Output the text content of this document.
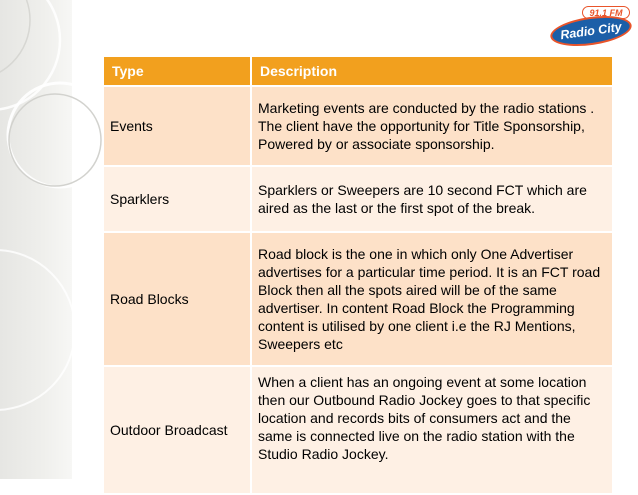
91.1 FM
Radio City
Type	Description
Events	Marketing events are conducted by the radio stations . The client have the opportunity for Title Sponsorship, Powered by or associate sponsorship.
Sparklers	Sparklers or Sweepers are 10 second FCT which are aired as the last or the first spot of the break.
Road Blocks	Road block is the one in which only One Advertiser advertises for a particular time period. It is an FCT road Block then all the spots aired will be of the same advertiser. In content Road Block the Programming content is utilised by one client i.e the RJ Mentions, Sweepers etc
Outdoor Broadcast	When a client has an ongoing event at some location then our Outbound Radio Jockey goes to that specific location and records bits of consumers act and the same is connected live on the radio station with the Studio Radio Jockey.
